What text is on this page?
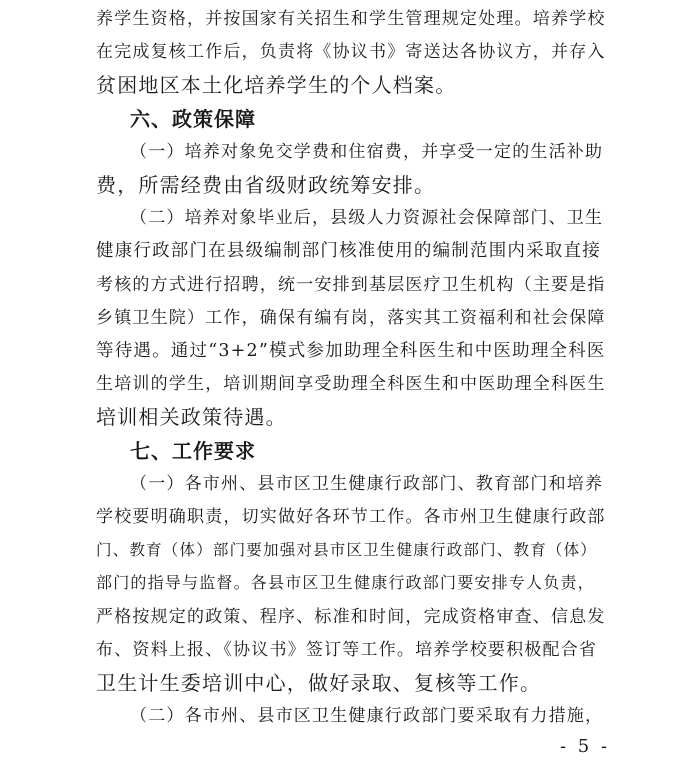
养学生资格，并按国家有关招生和学生管理规定处理。培养学校
在完成复核工作后，负责将《协议书》寄送达各协议方，并存入
贫困地区本土化培养学生的个人档案。
六、政策保障
（一）培养对象免交学费和住宿费，并享受一定的生活补助
费，所需经费由省级财政统筹安排。
（二）培养对象毕业后，县级人力资源社会保障部门、卫生
健康行政部门在县级编制部门核准使用的编制范围内采取直接
考核的方式进行招聘，统一安排到基层医疗卫生机构（主要是指
乡镇卫生院）工作，确保有编有岗，落实其工资福利和社会保障
等待遇。通过“3+2”模式参加助理全科医生和中医助理全科医
生培训的学生，培训期间享受助理全科医生和中医助理全科医生
培训相关政策待遇。
七、工作要求
（一）各市州、县市区卫生健康行政部门、教育部门和培养
学校要明确职责，切实做好各环节工作。各市州卫生健康行政部
门、教育（体）部门要加强对县市区卫生健康行政部门、教育（体）
部门的指导与监督。各县市区卫生健康行政部门要安排专人负责，
严格按规定的政策、程序、标准和时间，完成资格审查、信息发
布、资料上报、《协议书》签订等工作。培养学校要积极配合省
卫生计生委培训中心，做好录取、复核等工作。
（二）各市州、县市区卫生健康行政部门要采取有力措施，
- 5 -
